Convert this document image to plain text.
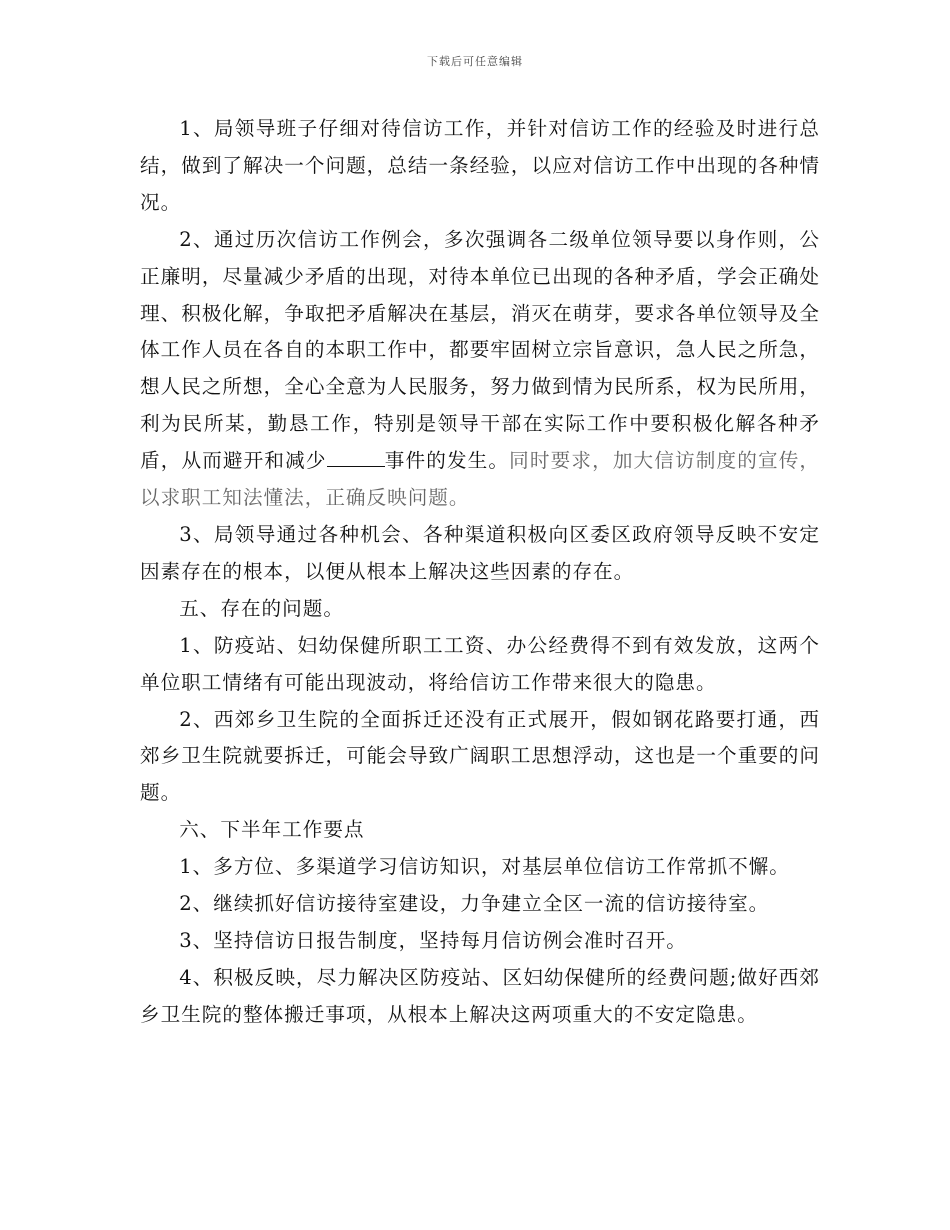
下载后可任意编辑

1、局领导班子仔细对待信访工作，并针对信访工作的经验及时进行总结，做到了解决一个问题，总结一条经验，以应对信访工作中出现的各种情况。

2、通过历次信访工作例会，多次强调各二级单位领导要以身作则，公正廉明，尽量减少矛盾的出现，对待本单位已出现的各种矛盾，学会正确处理、积极化解，争取把矛盾解决在基层，消灭在萌芽，要求各单位领导及全体工作人员在各自的本职工作中，都要牢固树立宗旨意识，急人民之所急，想人民之所想，全心全意为人民服务，努力做到情为民所系，权为民所用，利为民所某，勤恳工作，特别是领导干部在实际工作中要积极化解各种矛盾，从而避开和减少	事件的发生。同时要求，加大信访制度的宣传，以求职工知法懂法，正确反映问题。

3、局领导通过各种机会、各种渠道积极向区委区政府领导反映不安定因素存在的根本，以便从根本上解决这些因素的存在。

五、存在的问题。

1、防疫站、妇幼保健所职工工资、办公经费得不到有效发放，这两个单位职工情绪有可能出现波动，将给信访工作带来很大的隐患。

2、西郊乡卫生院的全面拆迁还没有正式展开，假如钢花路要打通，西郊乡卫生院就要拆迁，可能会导致广阔职工思想浮动，这也是一个重要的问题。

六、下半年工作要点

1、多方位、多渠道学习信访知识，对基层单位信访工作常抓不懈。

2、继续抓好信访接待室建设，力争建立全区一流的信访接待室。

3、坚持信访日报告制度，坚持每月信访例会准时召开。

4、积极反映，尽力解决区防疫站、区妇幼保健所的经费问题;做好西郊乡卫生院的整体搬迁事项，从根本上解决这两项重大的不安定隐患。
